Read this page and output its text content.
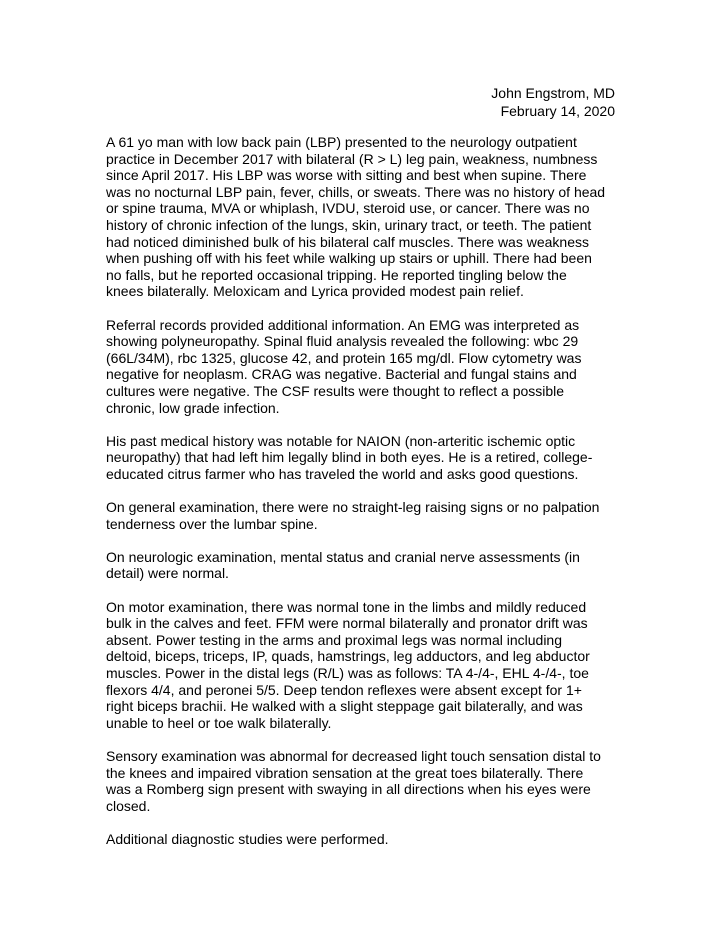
John Engstrom, MD
February 14, 2020

A 61 yo man with low back pain (LBP) presented to the neurology outpatient
practice in December 2017 with bilateral (R > L) leg pain, weakness, numbness
since April 2017. His LBP was worse with sitting and best when supine. There
was no nocturnal LBP pain, fever, chills, or sweats. There was no history of head
or spine trauma, MVA or whiplash, IVDU, steroid use, or cancer. There was no
history of chronic infection of the lungs, skin, urinary tract, or teeth. The patient
had noticed diminished bulk of his bilateral calf muscles. There was weakness
when pushing off with his feet while walking up stairs or uphill. There had been
no falls, but he reported occasional tripping. He reported tingling below the
knees bilaterally. Meloxicam and Lyrica provided modest pain relief.

Referral records provided additional information. An EMG was interpreted as
showing polyneuropathy. Spinal fluid analysis revealed the following: wbc 29
(66L/34M), rbc 1325, glucose 42, and protein 165 mg/dl. Flow cytometry was
negative for neoplasm. CRAG was negative. Bacterial and fungal stains and
cultures were negative. The CSF results were thought to reflect a possible
chronic, low grade infection.

His past medical history was notable for NAION (non-arteritic ischemic optic
neuropathy) that had left him legally blind in both eyes. He is a retired, college-
educated citrus farmer who has traveled the world and asks good questions.

On general examination, there were no straight-leg raising signs or no palpation
tenderness over the lumbar spine.

On neurologic examination, mental status and cranial nerve assessments (in
detail) were normal.

On motor examination, there was normal tone in the limbs and mildly reduced
bulk in the calves and feet. FFM were normal bilaterally and pronator drift was
absent. Power testing in the arms and proximal legs was normal including
deltoid, biceps, triceps, IP, quads, hamstrings, leg adductors, and leg abductor
muscles. Power in the distal legs (R/L) was as follows: TA 4-/4-, EHL 4-/4-, toe
flexors 4/4, and peronei 5/5. Deep tendon reflexes were absent except for 1+
right biceps brachii. He walked with a slight steppage gait bilaterally, and was
unable to heel or toe walk bilaterally.

Sensory examination was abnormal for decreased light touch sensation distal to
the knees and impaired vibration sensation at the great toes bilaterally. There
was a Romberg sign present with swaying in all directions when his eyes were
closed.

Additional diagnostic studies were performed.
